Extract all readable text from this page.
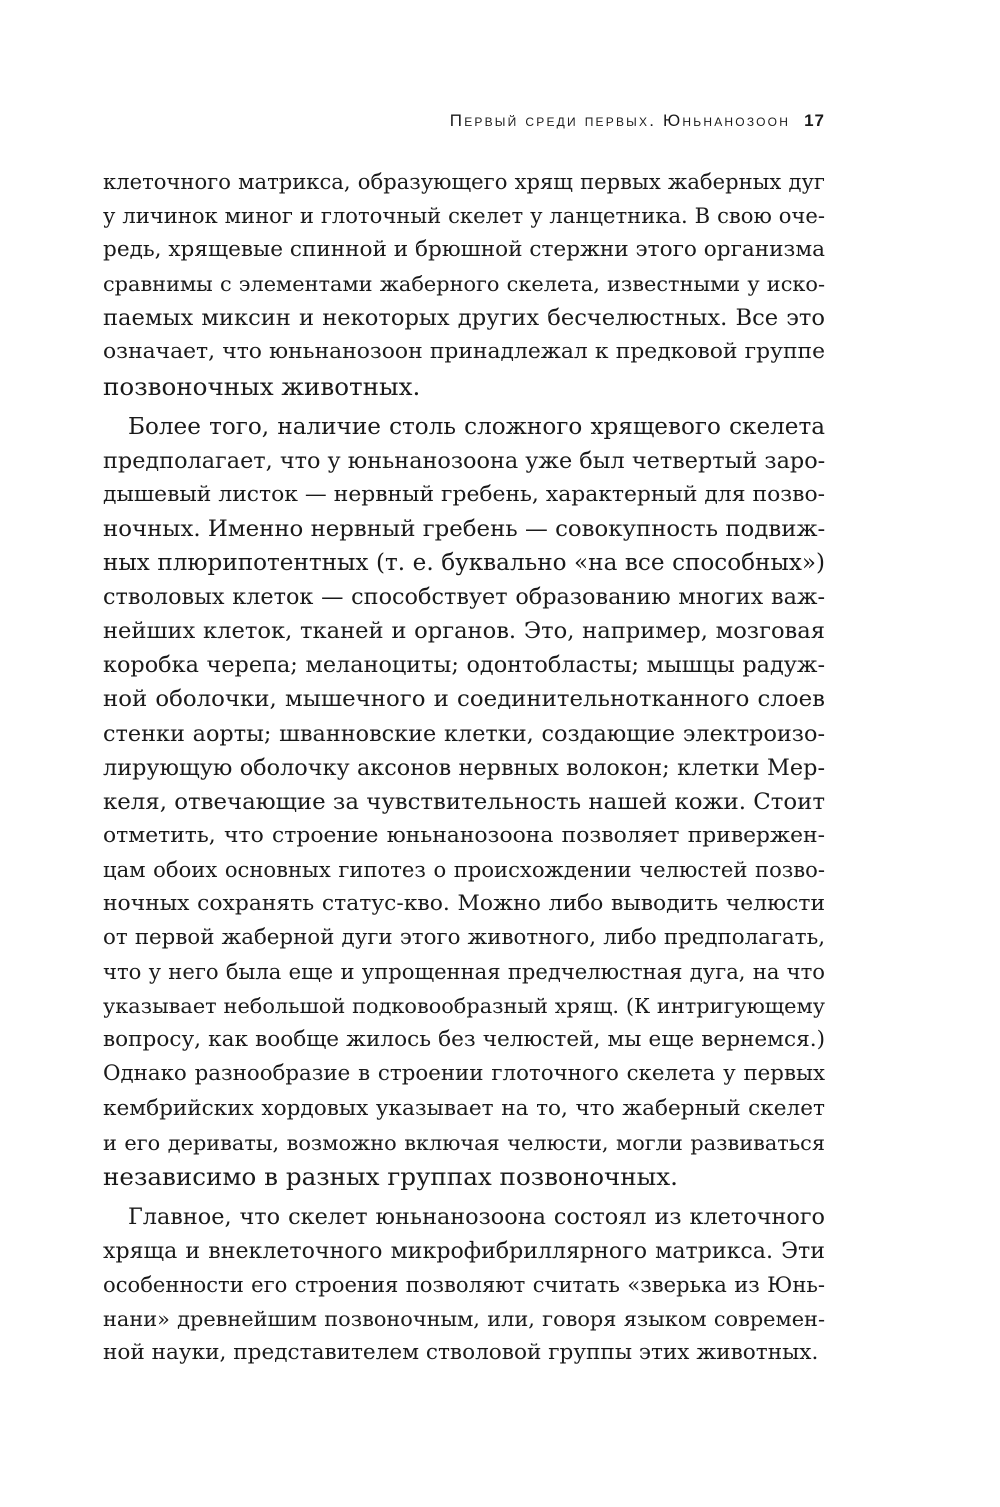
Первый среди первых. Юньнанозоон 17
клеточного матрикса, образующего хрящ первых жаберных дуг
у личинок миног и глоточный скелет у ланцетника. В свою оче-
редь, хрящевые спинной и брюшной стержни этого организма
сравнимы с элементами жаберного скелета, известными у иско-
паемых миксин и некоторых других бесчелюстных. Все это
означает, что юньнанозоон принадлежал к предковой группе
позвоночных животных.
Более того, наличие столь сложного хрящевого скелета
предполагает, что у юньнанозоона уже был четвертый заро-
дышевый листок — нервный гребень, характерный для позво-
ночных. Именно нервный гребень — совокупность подвиж-
ных плюрипотентных (т. е. буквально «на все способных»)
стволовых клеток — способствует образованию многих важ-
нейших клеток, тканей и органов. Это, например, мозговая
коробка черепа; меланоциты; одонтобласты; мышцы радуж-
ной оболочки, мышечного и соединительнотканного слоев
стенки аорты; шванновские клетки, создающие электроизо-
лирующую оболочку аксонов нервных волокон; клетки Мер-
келя, отвечающие за чувствительность нашей кожи. Стоит
отметить, что строение юньнанозоона позволяет привержен-
цам обоих основных гипотез о происхождении челюстей позво-
ночных сохранять статус-кво. Можно либо выводить челюсти
от первой жаберной дуги этого животного, либо предполагать,
что у него была еще и упрощенная предчелюстная дуга, на что
указывает небольшой подковообразный хрящ. (К интригующему
вопросу, как вообще жилось без челюстей, мы еще вернемся.)
Однако разнообразие в строении глоточного скелета у первых
кембрийских хордовых указывает на то, что жаберный скелет
и его дериваты, возможно включая челюсти, могли развиваться
независимо в разных группах позвоночных.
Главное, что скелет юньнанозоона состоял из клеточного
хряща и внеклеточного микрофибриллярного матрикса. Эти
особенности его строения позволяют считать «зверька из Юнь-
нани» древнейшим позвоночным, или, говоря языком современ-
ной науки, представителем стволовой группы этих животных.
